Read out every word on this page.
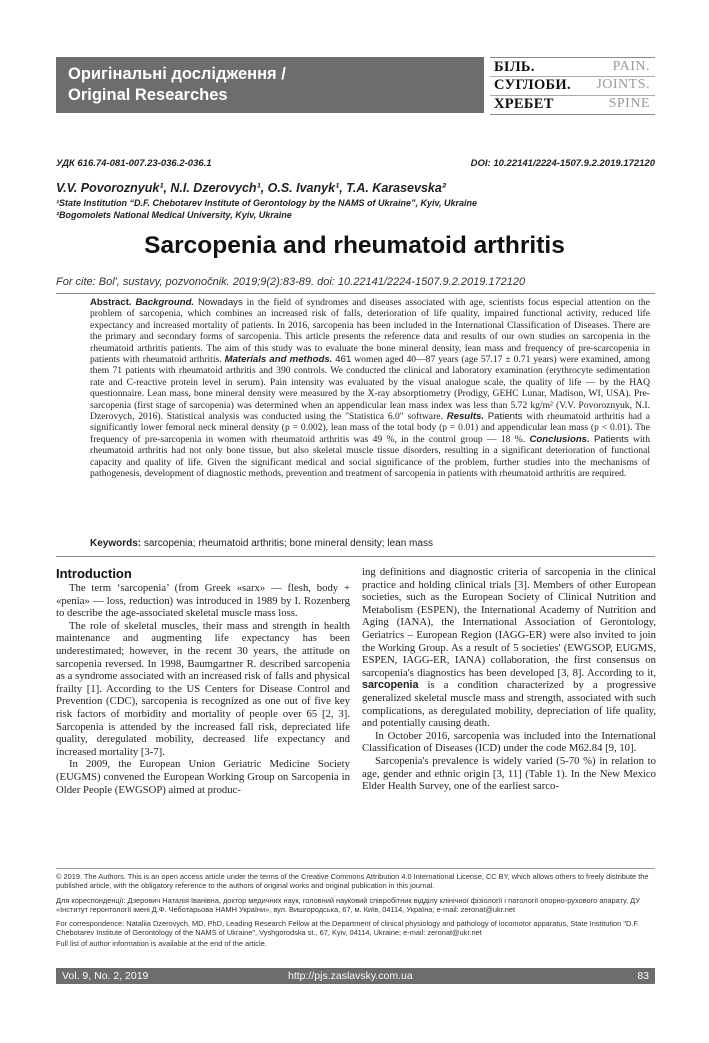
Оригінальні дослідження /
Original Researches
БІЛЬ.	PAIN.
СУГЛОБИ. JOINTS.
ХРЕБЕТ	SPINE
УДК 616.74-081-007.23-036.2-036.1	DOI: 10.22141/2224-1507.9.2.2019.172120
V.V. Povoroznyuk¹, N.I. Dzerovych¹, O.S. Ivanyk¹, T.A. Karasevska²
¹State Institution “D.F. Chebotarev Institute of Gerontology by the NAMS of Ukraine”, Kyiv, Ukraine
²Bogomolets National Medical University, Kyiv, Ukraine
Sarcopenia and rheumatoid arthritis
For cite: Bol', sustavy, pozvonočnik. 2019;9(2):83-89. doi: 10.22141/2224-1507.9.2.2019.172120
Abstract. Background. Nowadays in the field of syndromes and diseases associated with age, scientists focus especial attention on the problem of sarcopenia, which combines an increased risk of falls, deterioration of life quality, impaired functional activity, reduced life expectancy and increased mortality of patients. In 2016, sarcopenia has been included in the International Classification of Diseases. There are the primary and secondary forms of sarcopenia. This article presents the reference data and results of our own studies on sarcopenia in the rheumatoid arthritis patients. The aim of this study was to evaluate the bone mineral density, lean mass and frequency of pre-scarcopenia in patients with rheumatoid arthritis. Materials and methods. 461 women aged 40—87 years (age 57.17 ± 0.71 years) were examined, among them 71 patients with rheumatoid arthritis and 390 controls. We conducted the clinical and laboratory examination (erythrocyte sedimentation rate and C-reactive protein level in serum). Pain intensity was evaluated by the visual analogue scale, the quality of life — by the HAQ questionnaire. Lean mass, bone mineral density were measured by the X-ray absorptiometry (Prodigy, GEHC Lunar, Madison, WI, USA). Pre-sarcopenia (first stage of sarcopenia) was determined when an appendicular lean mass index was less than 5.72 kg/m² (V.V. Povoroznyuk, N.I. Dzerovych, 2016). Statistical analysis was conducted using the "Statistica 6.0" software. Results. Patients with rheumatoid arthritis had a significantly lower femoral neck mineral density (p = 0.002), lean mass of the total body (p = 0.01) and appendicular lean mass (p < 0.01). The frequency of pre-sarcopenia in women with rheumatoid arthritis was 49 %, in the control group — 18 %. Conclusions. Patients with rheumatoid arthritis had not only bone tissue, but also skeletal muscle tissue disorders, resulting in a significant deterioration of functional capacity and quality of life. Given the significant medical and social significance of the problem, further studies into the mechanisms of pathogenesis, development of diagnostic methods, prevention and treatment of sarcopenia in patients with rheumatoid arthritis are required.
Keywords: sarcopenia; rheumatoid arthritis; bone mineral density; lean mass
Introduction

The term ‘sarcopenia’ (from Greek «sarx» — flesh, body + «penia» — loss, reduction) was introduced in 1989 by I. Rozenberg to describe the age-associated skeletal muscle mass loss.

The role of skeletal muscles, their mass and strength in health maintenance and augmenting life expectancy has been underestimated; however, in the recent 30 years, the attitude on sarcopenia reversed. In 1998, Baumgartner R. described sarcopenia as a syndrome associated with an increased risk of falls and physical frailty [1]. According to the US Centers for Disease Control and Prevention (CDC), sarcopenia is recognized as one out of five key risk factors of morbidity and mortality of people over 65 [2, 3]. Sarcopenia is attended by the increased fall risk, depreciated life quality, deregulated mobility, decreased life expectancy and increased mortality [3-7].

In 2009, the European Union Geriatric Medicine Society (EUGMS) convened the European Working Group on Sarcopenia in Older People (EWGSOP) aimed at produc-

ing definitions and diagnostic criteria of sarcopenia in the clinical practice and holding clinical trials [3]. Members of other European societies, such as the European Society of Clinical Nutrition and Metabolism (ESPEN), the International Academy of Nutrition and Aging (IANA), the International Association of Gerontology, Geriatrics – European Region (IAGG-ER) were also invited to join the Working Group. As a result of 5 societies' (EWGSOP, EUGMS, ESPEN, IAGG-ER, IANA) collaboration, the first consensus on sarcopenia's diagnostics has been developed [3, 8]. According to it, sarcopenia is a condition characterized by a progressive generalized skeletal muscle mass and strength, associated with such complications, as deregulated mobility, depreciation of life quality, and potentially causing death.

In October 2016, sarcopenia was included into the International Classification of Diseases (ICD) under the code M62.84 [9, 10].

Sarcopenia's prevalence is widely varied (5-70 %) in relation to age, gender and ethnic origin [3, 11] (Table 1). In the New Mexico Elder Health Survey, one of the earliest sarco-

© 2019. The Authors. This is an open access article under the terms of the Creative Commons Attribution 4.0 International License, CC BY, which allows others to freely distribute the published article, with the obligatory reference to the authors of original works and original publication in this journal.
Для кореспонденції: Дзерович Наталія Іванівна, доктор медичних наук, головний науковий співробітник відділу клінічної фізіології і патології опорно-рухового апарату, ДУ «Інститут геронтології імені Д.Ф. Чеботарьова НАМН України», вул. Вишгородська, 67, м. Київ, 04114, Україна; e-mail: zeronat@ukr.net
For correspondence: Nataliia Dzerovych, MD, PhD, Leading Research Fellow at the Department of clinical physiology and pathology of locomotor apparatus, State Institution "D.F. Chebotarev Institute of Gerontology of the NAMS of Ukraine", Vyshgorodska st., 67, Kyiv, 04114, Ukraine; e-mail: zeronat@ukr.net
Full list of author information is available at the end of the article.
Vol. 9, No. 2, 2019	http://pjs.zaslavsky.com.ua	83
